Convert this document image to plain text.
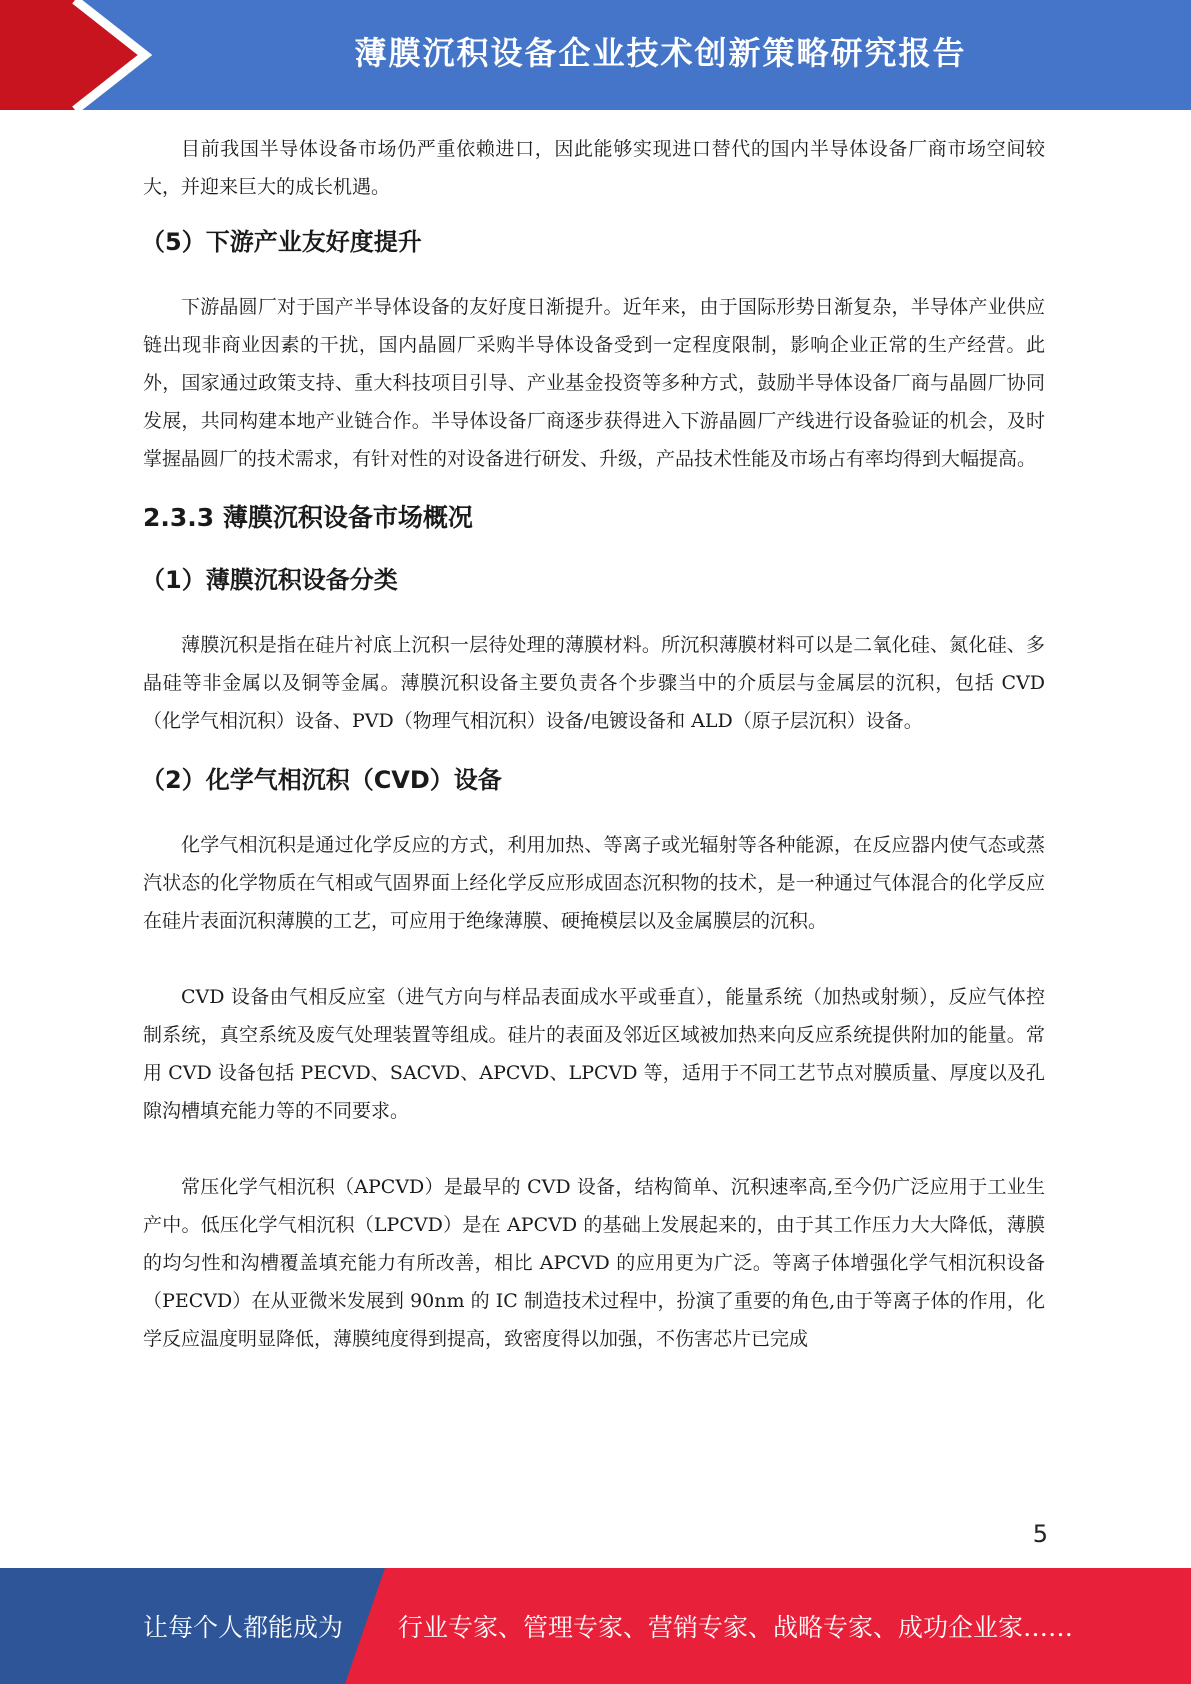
薄膜沉积设备企业技术创新策略研究报告

目前我国半导体设备市场仍严重依赖进口，因此能够实现进口替代的国内半导体设备厂商市场空间较大，并迎来巨大的成长机遇。

（5）下游产业友好度提升

下游晶圆厂对于国产半导体设备的友好度日渐提升。近年来，由于国际形势日渐复杂，半导体产业供应链出现非商业因素的干扰，国内晶圆厂采购半导体设备受到一定程度限制，影响企业正常的生产经营。此外，国家通过政策支持、重大科技项目引导、产业基金投资等多种方式，鼓励半导体设备厂商与晶圆厂协同发展，共同构建本地产业链合作。半导体设备厂商逐步获得进入下游晶圆厂产线进行设备验证的机会，及时掌握晶圆厂的技术需求，有针对性的对设备进行研发、升级，产品技术性能及市场占有率均得到大幅提高。

2.3.3 薄膜沉积设备市场概况
（1）薄膜沉积设备分类

薄膜沉积是指在硅片衬底上沉积一层待处理的薄膜材料。所沉积薄膜材料可以是二氧化硅、氮化硅、多晶硅等非金属以及铜等金属。薄膜沉积设备主要负责各个步骤当中的介质层与金属层的沉积，包括 CVD（化学气相沉积）设备、PVD（物理气相沉积）设备/电镀设备和 ALD（原子层沉积）设备。

（2）化学气相沉积（CVD）设备

化学气相沉积是通过化学反应的方式，利用加热、等离子或光辐射等各种能源，在反应器内使气态或蒸汽状态的化学物质在气相或气固界面上经化学反应形成固态沉积物的技术，是一种通过气体混合的化学反应在硅片表面沉积薄膜的工艺，可应用于绝缘薄膜、硬掩模层以及金属膜层的沉积。

CVD 设备由气相反应室（进气方向与样品表面成水平或垂直），能量系统（加热或射频），反应气体控制系统，真空系统及废气处理装置等组成。硅片的表面及邻近区域被加热来向反应系统提供附加的能量。常用 CVD 设备包括 PECVD、SACVD、APCVD、LPCVD 等，适用于不同工艺节点对膜质量、厚度以及孔隙沟槽填充能力等的不同要求。

常压化学气相沉积（APCVD）是最早的 CVD 设备，结构简单、沉积速率高,至今仍广泛应用于工业生产中。低压化学气相沉积（LPCVD）是在 APCVD 的基础上发展起来的，由于其工作压力大大降低，薄膜的均匀性和沟槽覆盖填充能力有所改善，相比 APCVD 的应用更为广泛。等离子体增强化学气相沉积设备（PECVD）在从亚微米发展到 90nm 的 IC 制造技术过程中，扮演了重要的角色,由于等离子体的作用，化学反应温度明显降低，薄膜纯度得到提高，致密度得以加强，不伤害芯片已完成

5
让每个人都能成为 行业专家、管理专家、营销专家、战略专家、成功企业家……
